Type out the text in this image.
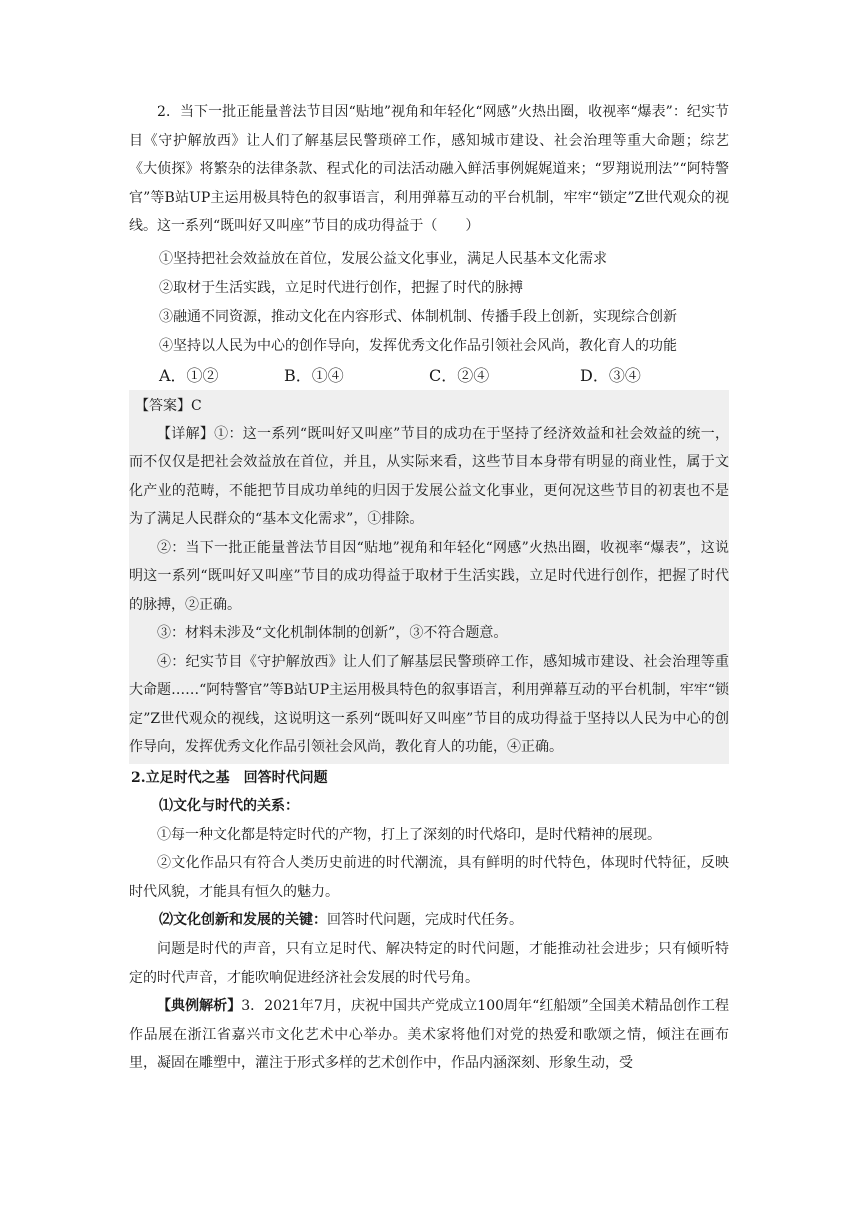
2．当下一批正能量普法节目因“贴地”视角和年轻化“网感”火热出圈，收视率“爆表”：纪实节目《守护解放西》让人们了解基层民警琐碎工作，感知城市建设、社会治理等重大命题；综艺《大侦探》将繁杂的法律条款、程式化的司法活动融入鲜活事例娓娓道来；“罗翔说刑法”“阿特警官”等B站UP主运用极具特色的叙事语言，利用弹幕互动的平台机制，牢牢“锁定”Z世代观众的视线。这一系列“既叫好又叫座”节目的成功得益于（　　）

①坚持把社会效益放在首位，发展公益文化事业，满足人民基本文化需求

②取材于生活实践，立足时代进行创作，把握了时代的脉搏

③融通不同资源，推动文化在内容形式、体制机制、传播手段上创新，实现综合创新

④坚持以人民为中心的创作导向，发挥优秀文化作品引领社会风尚，教化育人的功能

A．①②	B．①④	C．②④	D．③④

【答案】C

【详解】①：这一系列“既叫好又叫座”节目的成功在于坚持了经济效益和社会效益的统一，而不仅仅是把社会效益放在首位，并且，从实际来看，这些节目本身带有明显的商业性，属于文化产业的范畴，不能把节目成功单纯的归因于发展公益文化事业，更何况这些节目的初衷也不是为了满足人民群众的“基本文化需求”，①排除。

②：当下一批正能量普法节目因“贴地”视角和年轻化“网感”火热出圈，收视率“爆表”，这说明这一系列“既叫好又叫座”节目的成功得益于取材于生活实践，立足时代进行创作，把握了时代的脉搏，②正确。

③：材料未涉及“文化机制体制的创新”，③不符合题意。

④：纪实节目《守护解放西》让人们了解基层民警琐碎工作，感知城市建设、社会治理等重大命题……“阿特警官”等B站UP主运用极具特色的叙事语言，利用弹幕互动的平台机制，牢牢“锁定”Z世代观众的视线，这说明这一系列“既叫好又叫座”节目的成功得益于坚持以人民为中心的创作导向，发挥优秀文化作品引领社会风尚，教化育人的功能，④正确。

2.立足时代之基　回答时代问题

⑴文化与时代的关系：

①每一种文化都是特定时代的产物，打上了深刻的时代烙印，是时代精神的展现。

②文化作品只有符合人类历史前进的时代潮流，具有鲜明的时代特色，体现时代特征，反映时代风貌，才能具有恒久的魅力。

⑵文化创新和发展的关键：回答时代问题，完成时代任务。

问题是时代的声音，只有立足时代、解决特定的时代问题，才能推动社会进步；只有倾听特定的时代声音，才能吹响促进经济社会发展的时代号角。

【典例解析】3．2021年7月，庆祝中国共产党成立100周年“红船颂”全国美术精品创作工程作品展在浙江省嘉兴市文化艺术中心举办。美术家将他们对党的热爱和歌颂之情，倾注在画布里，凝固在雕塑中，灌注于形式多样的艺术创作中，作品内涵深刻、形象生动，受
